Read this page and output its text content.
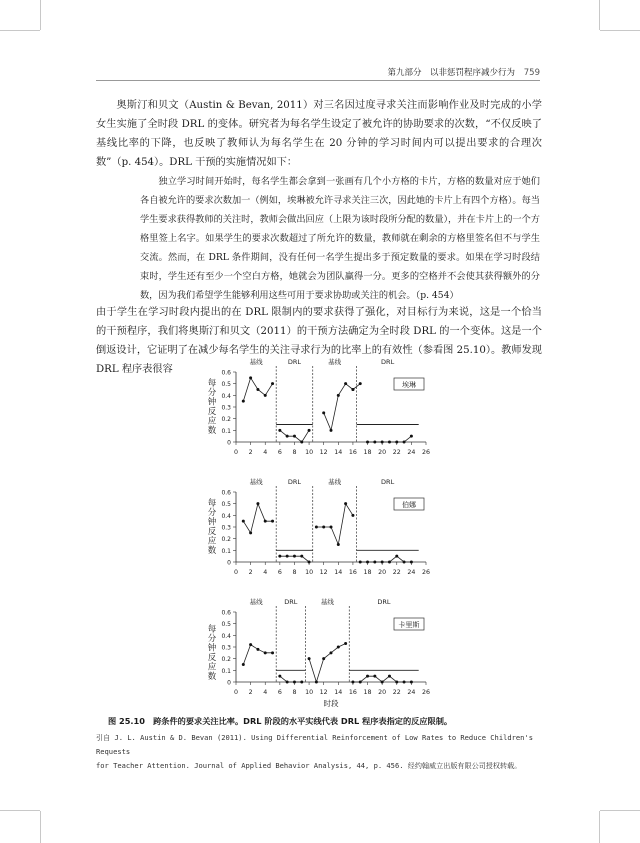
第九部分　以非惩罚程序减少行为 759
奥斯汀和贝文（Austin & Bevan, 2011）对三名因过度寻求关注而影响作业及时完成的小学女生实施了全时段 DRL 的变体。研究者为每名学生设定了被允许的协助要求的次数，“不仅反映了基线比率的下降，也反映了教师认为每名学生在 20 分钟的学习时间内可以提出要求的合理次数”（p. 454）。DRL 干预的实施情况如下：
独立学习时间开始时，每名学生都会拿到一张画有几个小方格的卡片，方格的数量对应于她们各自被允许的要求次数加一（例如，埃琳被允许寻求关注三次，因此她的卡片上有四个方格）。每当学生要求获得教师的关注时，教师会做出回应（上限为该时段所分配的数量），并在卡片上的一个方格里签上名字。如果学生的要求次数超过了所允许的数量，教师就在剩余的方格里签名但不与学生交流。然而，在 DRL 条件期间，没有任何一名学生提出多于预定数量的要求。如果在学习时段结束时，学生还有至少一个空白方格，她就会为团队赢得一分。更多的空格并不会使其获得额外的分数，因为我们希望学生能够利用这些可用于要求协助或关注的机会。（p. 454）
由于学生在学习时段内提出的在 DRL 限制内的要求获得了强化，对目标行为来说，这是一个恰当的干预程序，我们将奥斯汀和贝文（2011）的干预方法确定为全时段 DRL 的一个变体。这是一个倒返设计，它证明了在减少每名学生的关注寻求行为的比率上的有效性（参看图 25.10）。教师发现 DRL 程序表很容
0
0.1
0.2
0.3
0.4
0.5
0.6
0 2 4 6 8 10 12 14 16 18 20 22 24 26
基线	DRL	基线	DRL
埃琳
0
0.1
0.2
0.3
0.4
0.5
0.6
0 2 4 6 8 10 12 14 16 18 20 22 24 26
基线	DRL	基线	DRL
伯娜
0
0.1
0.2
0.3
0.4
0.5
0.6
0 2 4 6 8 10 12 14 16 18 20 22 24 26
基线	DRL	基线	DRL
卡里斯
时段
每分钟反应数
每分钟反应数
每分钟反应数
图 25.10　跨条件的要求关注比率。DRL 阶段的水平实线代表 DRL 程序表指定的反应限制。
引自 J. L. Austin & D. Bevan (2011). Using Differential Reinforcement of Low Rates to Reduce Children's Requests
for Teacher Attention. Journal of Applied Behavior Analysis, 44, p. 456. 经约翰威立出版有限公司授权转载。
